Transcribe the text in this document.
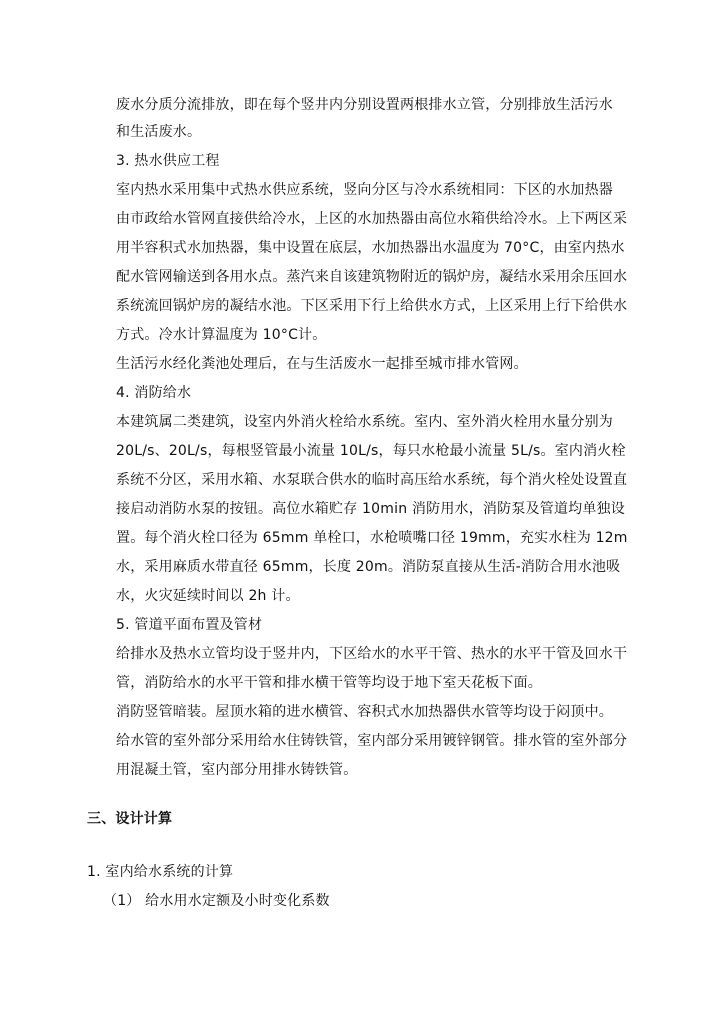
废水分质分流排放，即在每个竖井内分别设置两根排水立管，分别排放生活污水
和生活废水。
3. 热水供应工程
室内热水采用集中式热水供应系统，竖向分区与冷水系统相同：下区的水加热器
由市政给水管网直接供给冷水，上区的水加热器由高位水箱供给冷水。上下两区采
用半容积式水加热器，集中设置在底层，水加热器出水温度为 70°C，由室内热水
配水管网输送到各用水点。蒸汽来自该建筑物附近的锅炉房，凝结水采用余压回水
系统流回锅炉房的凝结水池。下区采用下行上给供水方式，上区采用上行下给供水
方式。冷水计算温度为 10°C计。
生活污水经化粪池处理后，在与生活废水一起排至城市排水管网。
4. 消防给水
本建筑属二类建筑，设室内外消火栓给水系统。室内、室外消火栓用水量分别为
20L/s、20L/s，每根竖管最小流量 10L/s，每只水枪最小流量 5L/s。室内消火栓
系统不分区，采用水箱、水泵联合供水的临时高压给水系统，每个消火栓处设置直
接启动消防水泵的按钮。高位水箱贮存 10min 消防用水，消防泵及管道均单独设
置。每个消火栓口径为 65mm 单栓口，水枪喷嘴口径 19mm，充实水柱为 12m
水，采用麻质水带直径 65mm，长度 20m。消防泵直接从生活-消防合用水池吸
水，火灾延续时间以 2h 计。
5. 管道平面布置及管材
给排水及热水立管均设于竖井内，下区给水的水平干管、热水的水平干管及回水干
管，消防给水的水平干管和排水横干管等均设于地下室天花板下面。
消防竖管暗装。屋顶水箱的进水横管、容积式水加热器供水管等均设于闷顶中。
给水管的室外部分采用给水住铸铁管，室内部分采用镀锌钢管。排水管的室外部分
用混凝土管，室内部分用排水铸铁管。
三、设计计算
1. 室内给水系统的计算
（1） 给水用水定额及小时变化系数
